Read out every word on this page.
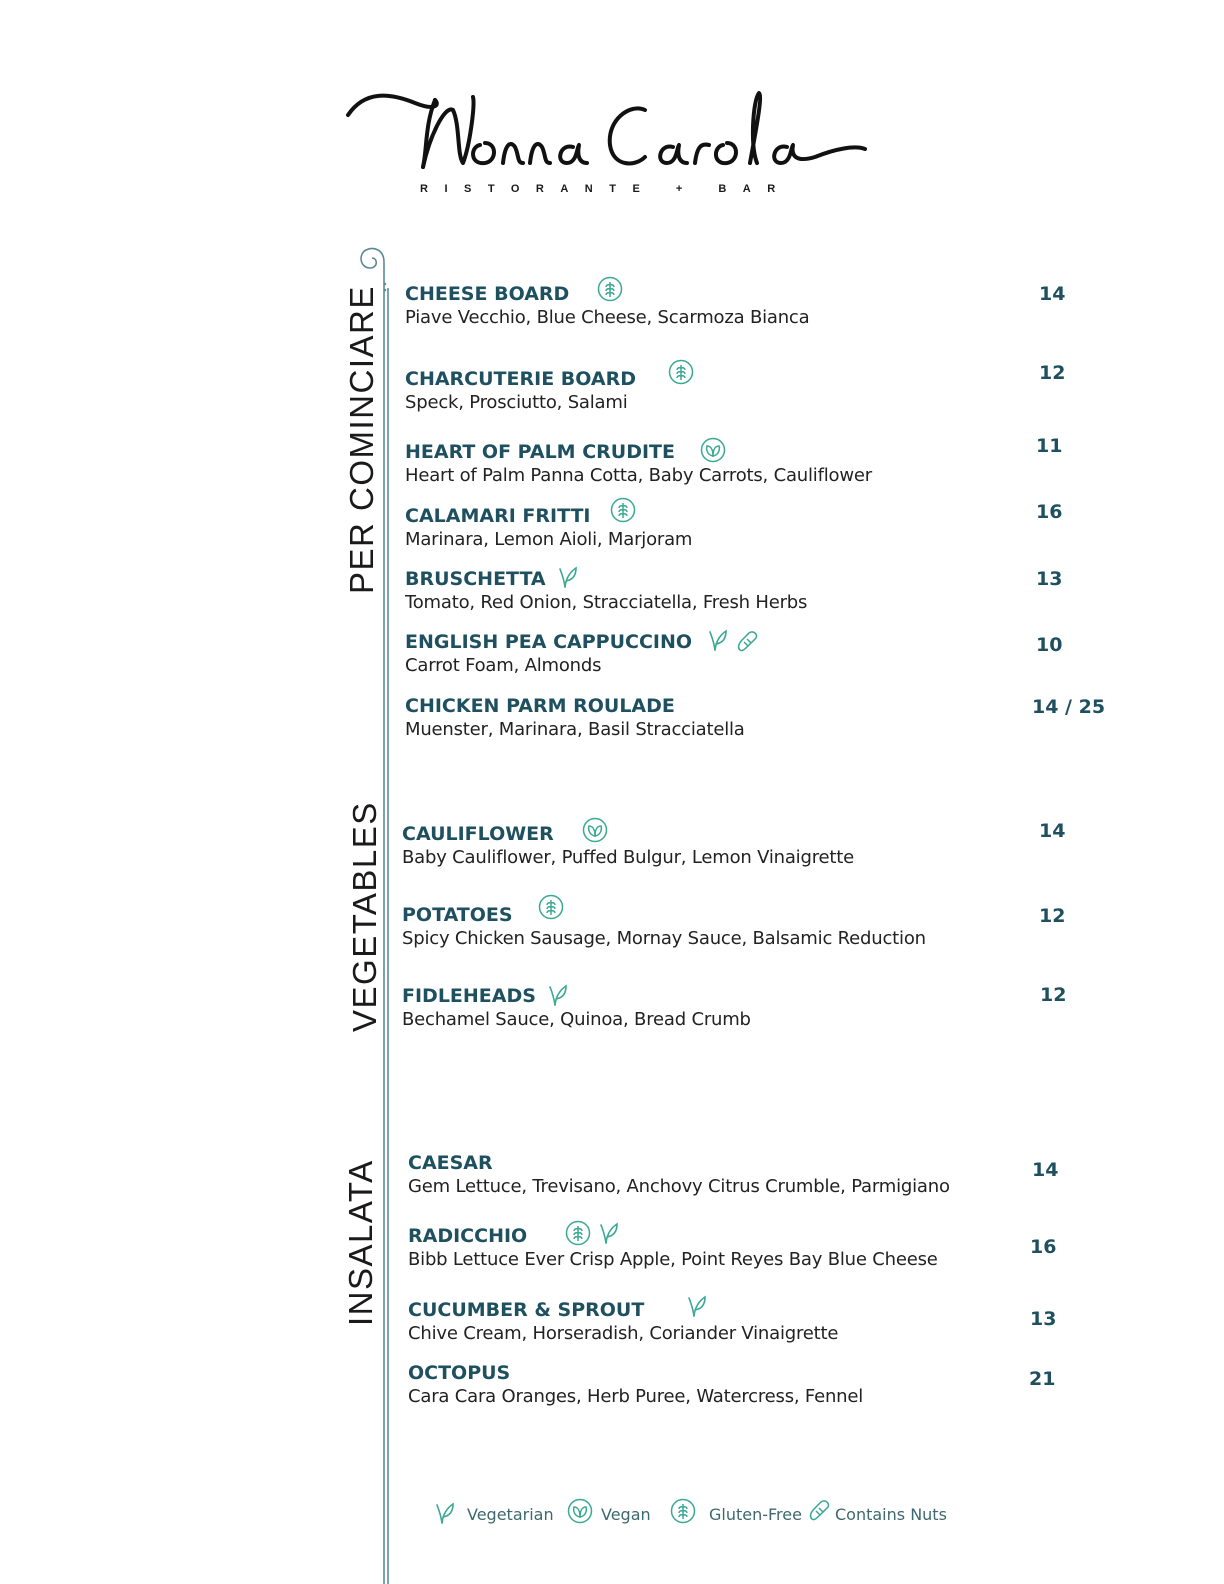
RISTORANTE + BAR
PER COMINCIARE
VEGETABLES
INSALATA
CHEESE BOARD
Piave Vecchio, Blue Cheese, Scarmoza Bianca
14
CHARCUTERIE BOARD
Speck, Prosciutto, Salami
12
HEART OF PALM CRUDITE
Heart of Palm Panna Cotta, Baby Carrots, Cauliflower
11
CALAMARI FRITTI
Marinara, Lemon Aioli, Marjoram
16
BRUSCHETTA
Tomato, Red Onion, Stracciatella, Fresh Herbs
13
ENGLISH PEA CAPPUCCINO
Carrot Foam, Almonds
10
CHICKEN PARM ROULADE
Muenster, Marinara, Basil Stracciatella
14 / 25
CAULIFLOWER
Baby Cauliflower, Puffed Bulgur, Lemon Vinaigrette
14
POTATOES
Spicy Chicken Sausage, Mornay Sauce, Balsamic Reduction
12
FIDLEHEADS
Bechamel Sauce, Quinoa, Bread Crumb
12
CAESAR
Gem Lettuce, Trevisano, Anchovy Citrus Crumble, Parmigiano
14
RADICCHIO
Bibb Lettuce Ever Crisp Apple, Point Reyes Bay Blue Cheese
16
CUCUMBER & SPROUT
Chive Cream, Horseradish, Coriander Vinaigrette
13
OCTOPUS
Cara Cara Oranges, Herb Puree, Watercress, Fennel
21
Vegetarian	Vegan	Gluten-Free Contains Nuts
